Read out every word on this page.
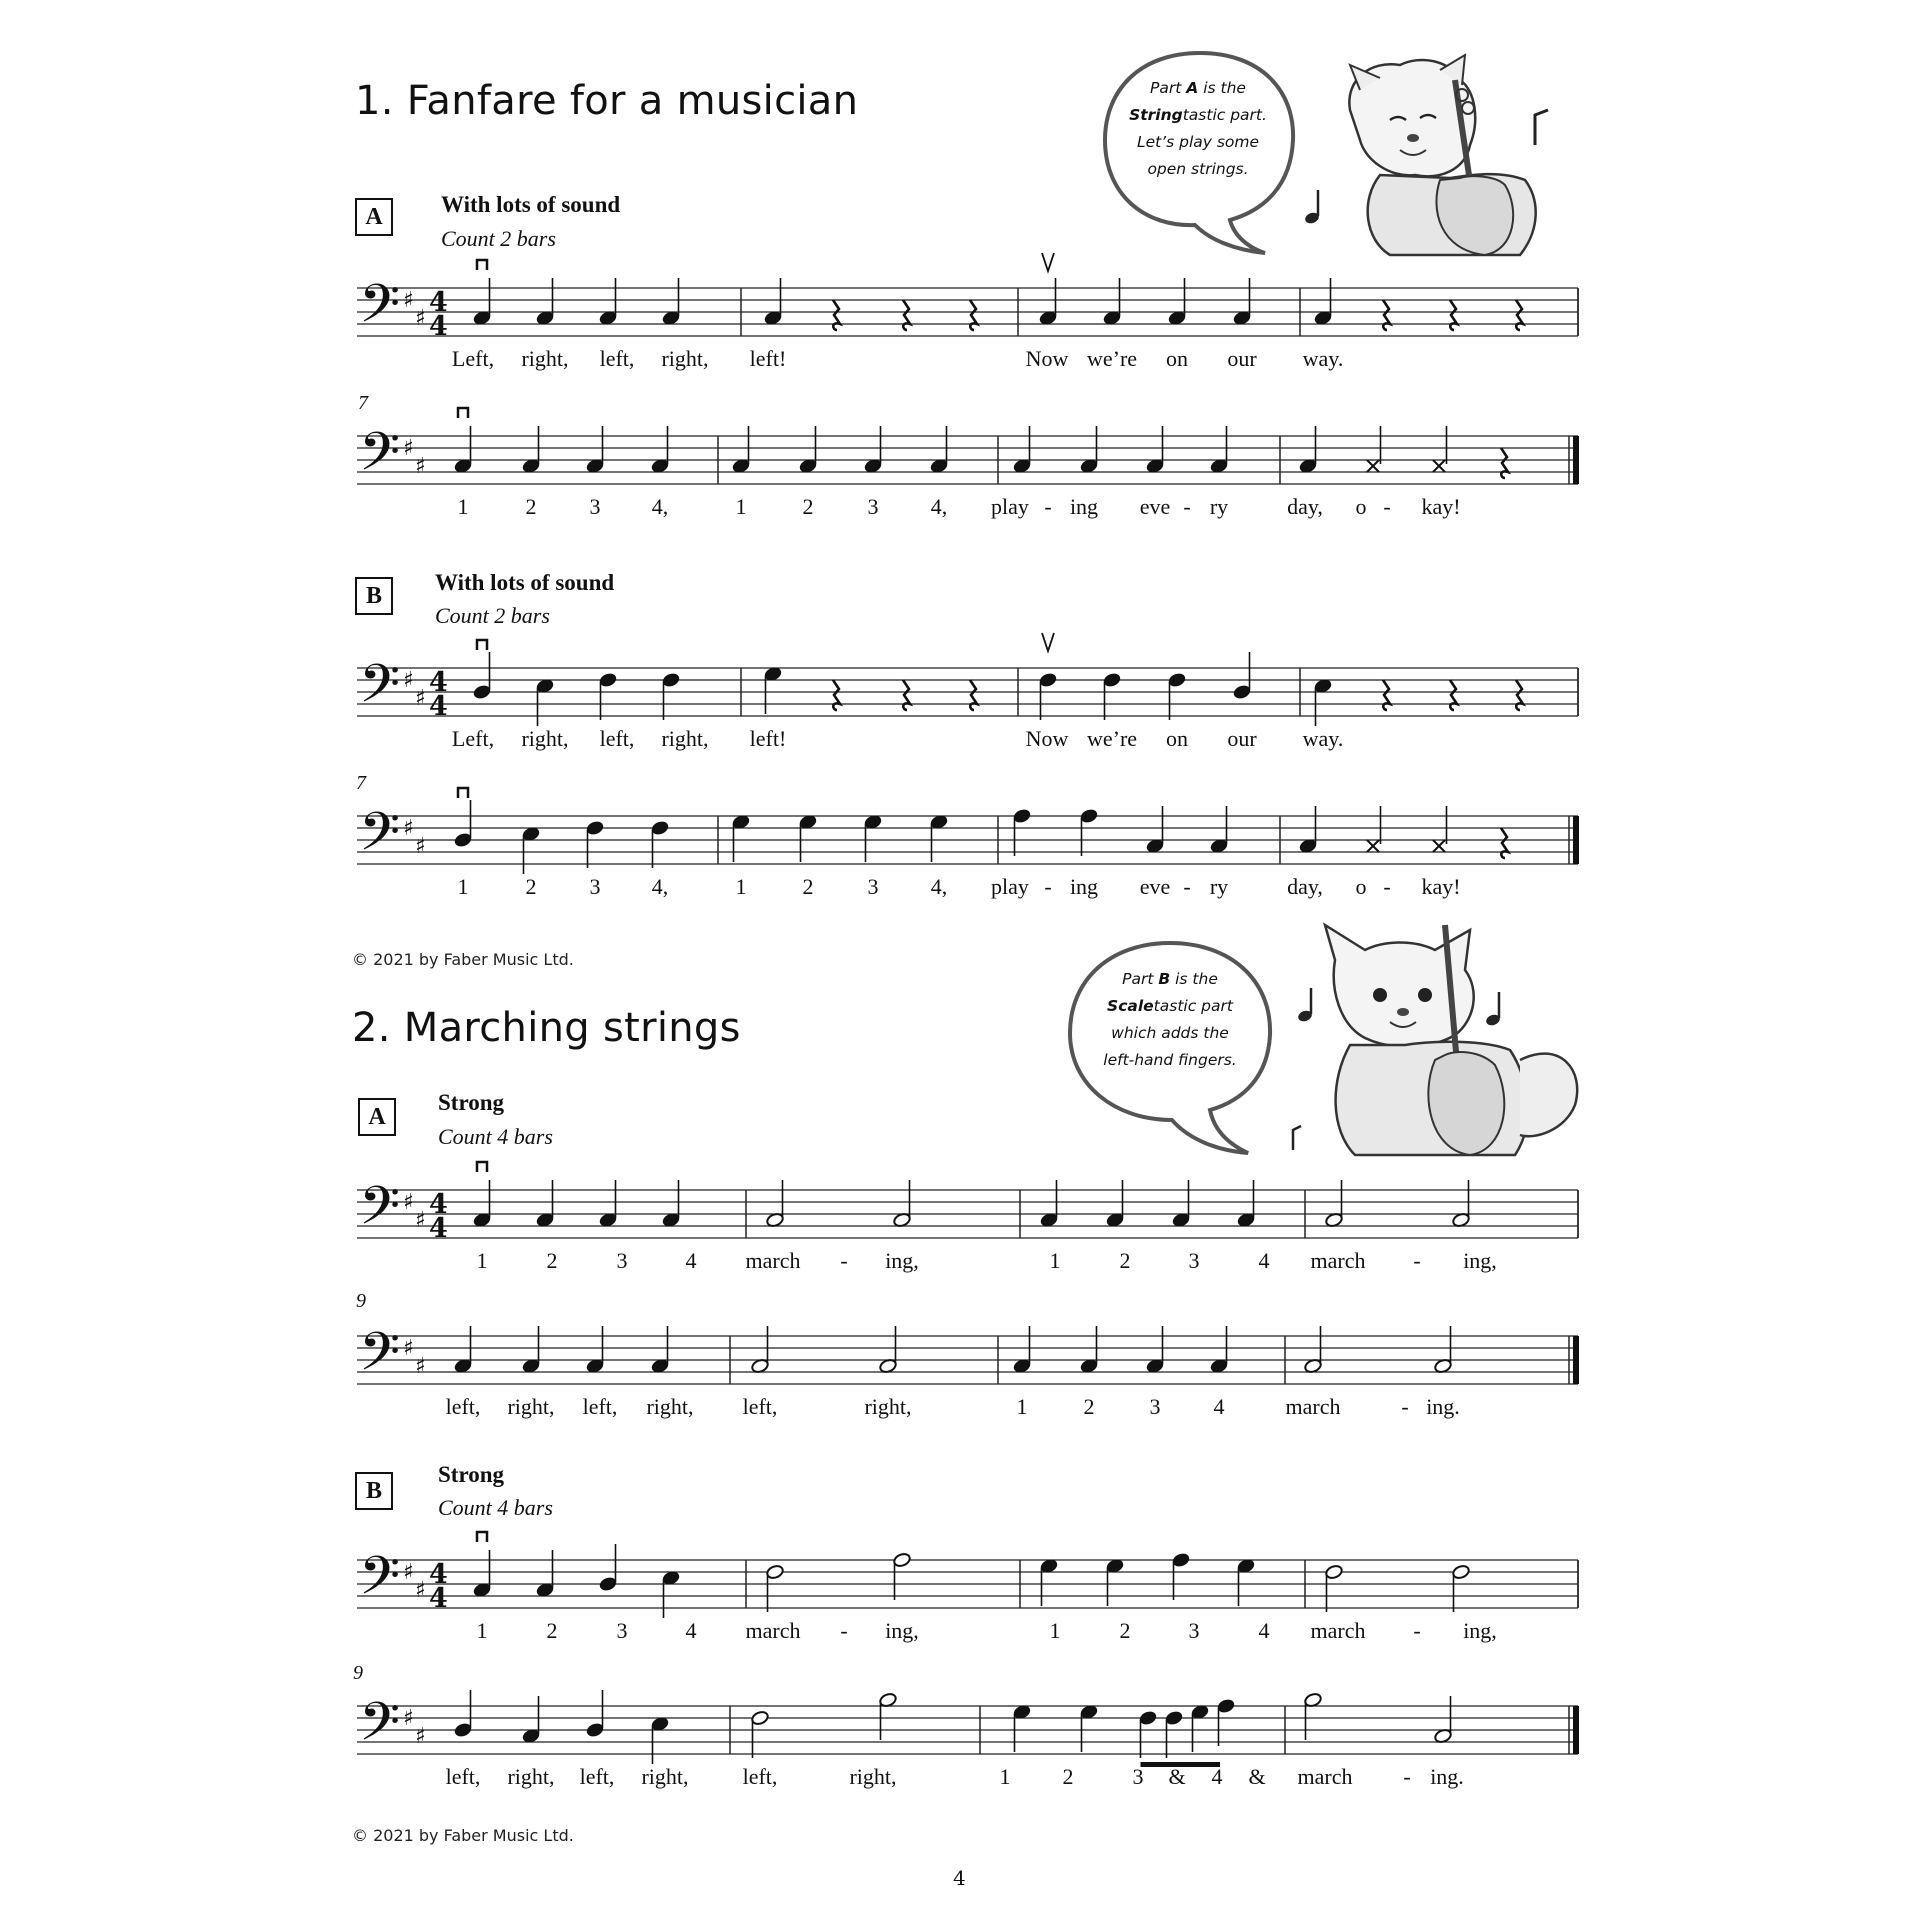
1. Fanfare for a musician	Part A is the
Stringtastic part.
Let’s play some
open strings.
A	With lots of sound
Count 2 bars
𝄢 ♯
♯
4
4
Left, right, left, right, left!	Now we’re on our way.
7
𝄢 ♯
♯
1	2 3 4,	1	2 3 4, play - ing eve - ry	day, o - kay!
B
With lots of sound
Count 2 bars
𝄢 ♯
♯
4
4
Left, right, left, right, left!	Now we’re on our way.
7
𝄢 ♯
♯
1	2 3 4,	1	2 3 4, play - ing eve - ry	day, o - kay!
© 2021 by Faber Music Ltd.
2. Marching strings
Part B is the
Scaletastic part
which adds the
left-hand fingers.
A
Strong
Count 4 bars
𝄢 ♯
♯
4
4
1	2	3	4 march - ing,	1	2	3	4 march - ing,
9
𝄢 ♯
♯
left, right, left, right, left,	right,	1	2	3 4	march	- ing.
B
Strong
Count 4 bars
𝄢 ♯
♯
4
4
1	2	3	4 march - ing,	1	2	3	4 march - ing,
9
𝄢 ♯
♯
left, right, left, right, left,	right,	1 2	3 & 4 & march - ing.
© 2021 by Faber Music Ltd.
4
